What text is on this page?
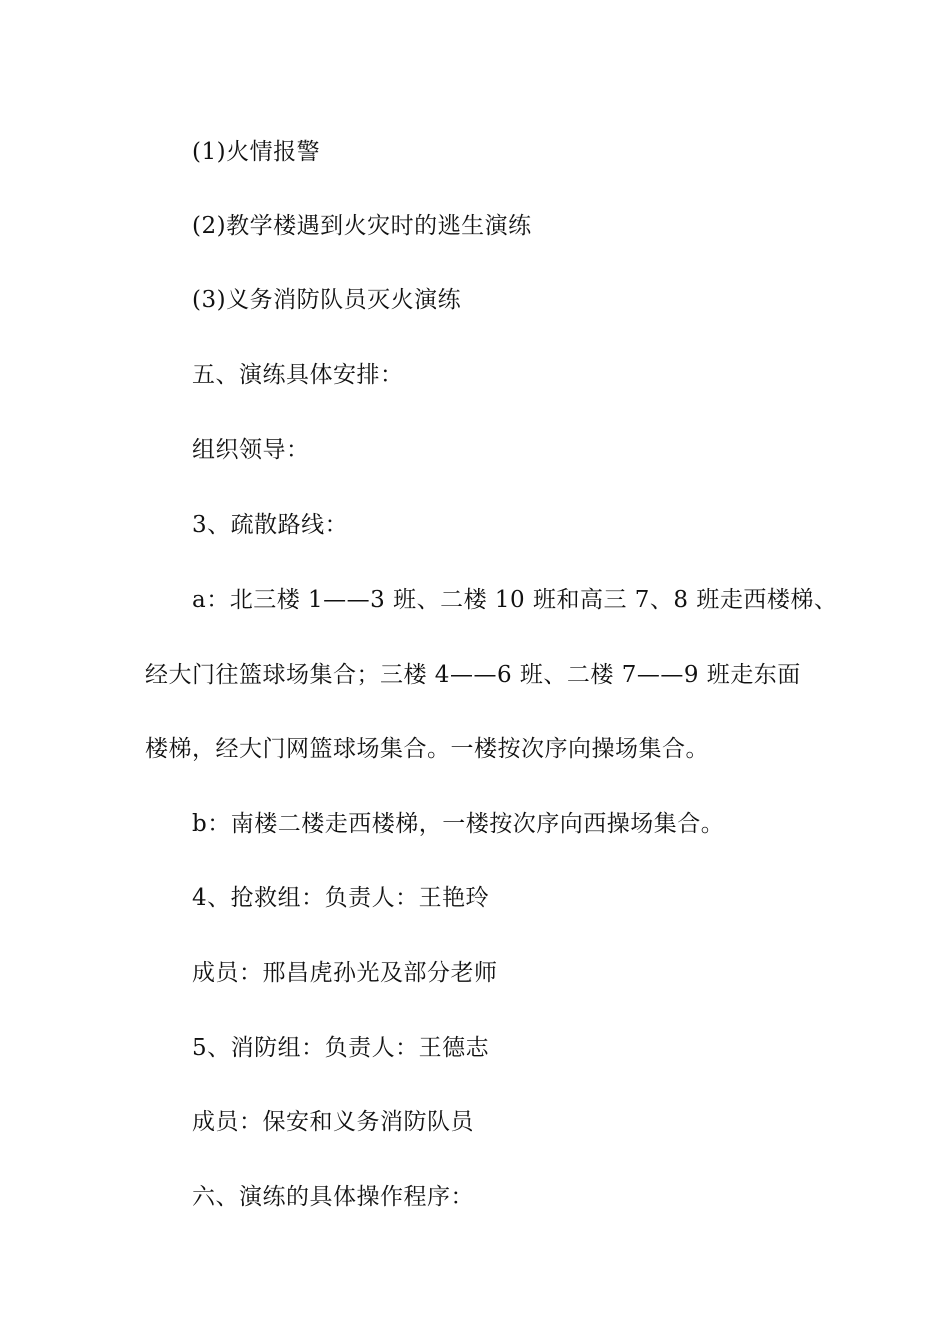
(1)火情报警
(2)教学楼遇到火灾时的逃生演练
(3)义务消防队员灭火演练
五、演练具体安排：
组织领导：
3、疏散路线：
a：北三楼 1——3 班、二楼 10 班和高三 7、8 班走西楼梯、
经大门往篮球场集合；三楼 4——6 班、二楼 7——9 班走东面
楼梯，经大门网篮球场集合。一楼按次序向操场集合。
b：南楼二楼走西楼梯，一楼按次序向西操场集合。
4、抢救组：负责人：王艳玲
成员：邢昌虎孙光及部分老师
5、消防组：负责人：王德志
成员：保安和义务消防队员
六、演练的具体操作程序：
